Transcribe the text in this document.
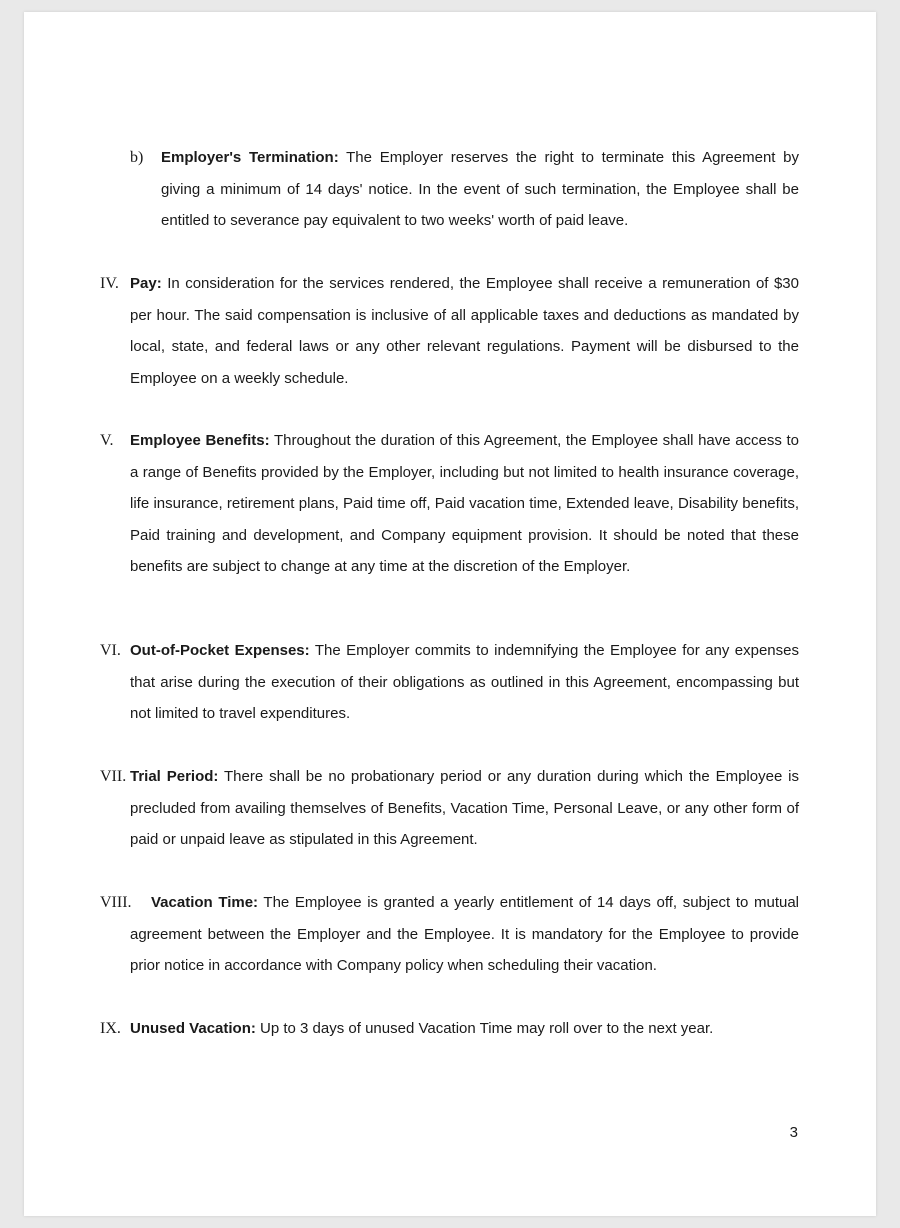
b) Employer's Termination: The Employer reserves the right to terminate this Agreement by giving a minimum of 14 days' notice. In the event of such termination, the Employee shall be entitled to severance pay equivalent to two weeks' worth of paid leave.
IV. Pay: In consideration for the services rendered, the Employee shall receive a remuneration of $30 per hour. The said compensation is inclusive of all applicable taxes and deductions as mandated by local, state, and federal laws or any other relevant regulations. Payment will be disbursed to the Employee on a weekly schedule.
V. Employee Benefits: Throughout the duration of this Agreement, the Employee shall have access to a range of Benefits provided by the Employer, including but not limited to health insurance coverage, life insurance, retirement plans, Paid time off, Paid vacation time, Extended leave, Disability benefits, Paid training and development, and Company equipment provision. It should be noted that these benefits are subject to change at any time at the discretion of the Employer.
VI. Out-of-Pocket Expenses: The Employer commits to indemnifying the Employee for any expenses that arise during the execution of their obligations as outlined in this Agreement, encompassing but not limited to travel expenditures.
VII. Trial Period: There shall be no probationary period or any duration during which the Employee is precluded from availing themselves of Benefits, Vacation Time, Personal Leave, or any other form of paid or unpaid leave as stipulated in this Agreement.
VIII.	Vacation Time: The Employee is granted a yearly entitlement of 14 days off, subject to mutual agreement between the Employer and the Employee. It is mandatory for the Employee to provide prior notice in accordance with Company policy when scheduling their vacation.
IX. Unused Vacation: Up to 3 days of unused Vacation Time may roll over to the next year.
3
